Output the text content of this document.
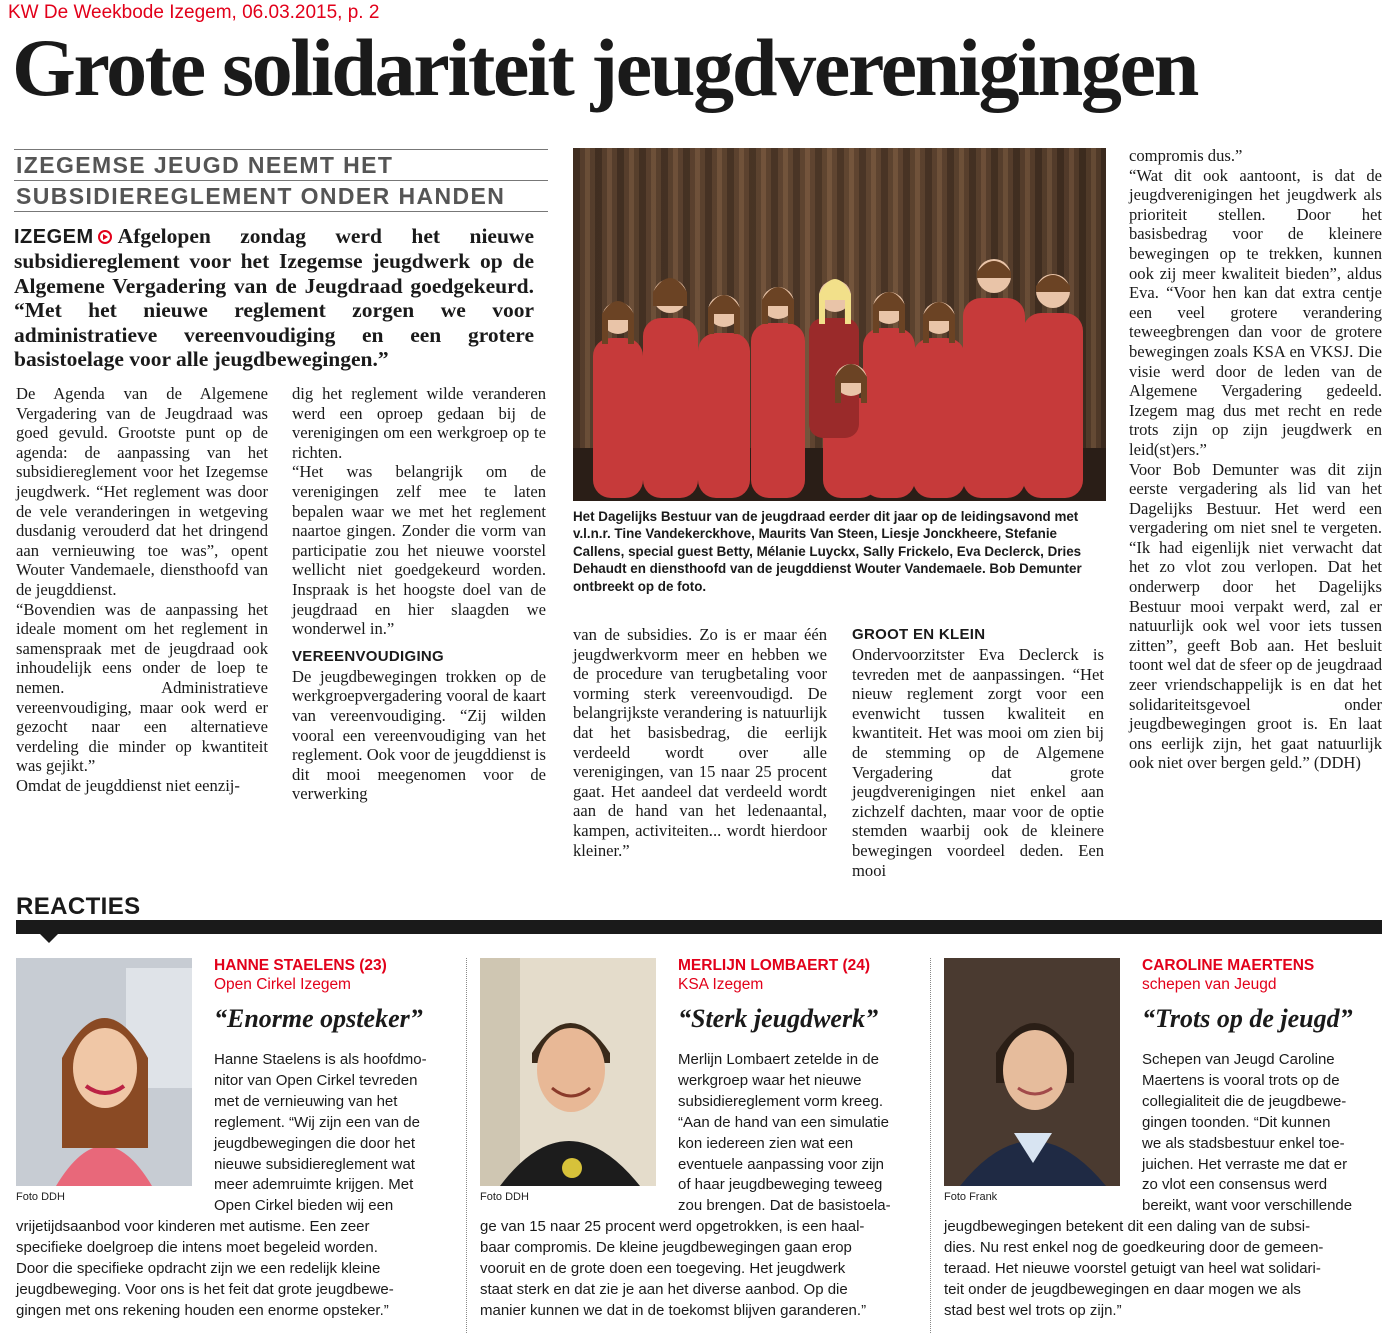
KW De Weekbode Izegem, 06.03.2015, p. 2
Grote solidariteit jeugdverenigingen
IZEGEMSE JEUGD NEEMT HET
SUBSIDIEREGLEMENT ONDER HANDEN
IZEGEM Afgelopen zondag werd het nieuwe subsidiereglement voor het Izegemse jeugdwerk op de Algemene Vergadering van de Jeugdraad goedgekeurd. “Met het nieuwe reglement zorgen we voor administratieve vereenvoudiging en een grotere basistoelage voor alle jeugdbewegingen.”

De Agenda van de Algemene Vergadering van de Jeugdraad was goed gevuld. Grootste punt op de agenda: de aanpassing van het subsidiereglement voor het Izegemse jeugdwerk. “Het reglement was door de vele veranderingen in wetgeving dusdanig verouderd dat het dringend aan vernieuwing toe was”, opent Wouter Vandemaele, diensthoofd van de jeugddienst.

“Bovendien was de aanpassing het ideale moment om het reglement in samenspraak met de jeugdraad ook inhoudelijk eens onder de loep te nemen. Administratieve vereenvoudiging, maar ook werd er gezocht naar een alternatieve verdeling die minder op kwantiteit was gejikt.”

Omdat de jeugddienst niet eenzij-

dig het reglement wilde veranderen werd een oproep gedaan bij de verenigingen om een werkgroep op te richten.

“Het was belangrijk om de verenigingen zelf mee te laten bepalen waar we met het reglement naartoe gingen. Zonder die vorm van participatie zou het nieuwe voorstel wellicht niet goedgekeurd worden. Inspraak is het hoogste doel van de jeugdraad en hier slaagden we wonderwel in.”

VEREENVOUDIGING

De jeugdbewegingen trokken op de werkgroepvergadering vooral de kaart van vereenvoudiging. “Zij wilden vooral een vereenvoudiging van het reglement. Ook voor de jeugddienst is dit mooi meegenomen voor de verwerking

Het Dagelijks Bestuur van de jeugdraad eerder dit jaar op de leidingsavond met v.l.n.r. Tine Vandekerckhove, Maurits Van Steen, Liesje Jonckheere, Stefanie Callens, special guest Betty, Mélanie Luyckx, Sally Frickelo, Eva Declerck, Dries Dehaudt en diensthoofd van de jeugddienst Wouter Vandemaele. Bob Demunter ontbreekt op de foto.

van de subsidies. Zo is er maar één jeugdwerkvorm meer en hebben we de procedure van terugbetaling voor vorming sterk vereenvoudigd. De belangrijkste verandering is natuurlijk dat het basisbedrag, die eerlijk verdeeld wordt over alle verenigingen, van 15 naar 25 procent gaat. Het aandeel dat verdeeld wordt aan de hand van het ledenaantal, kampen, activiteiten... wordt hierdoor kleiner.”

GROOT EN KLEIN

Ondervoorzitster Eva Declerck is tevreden met de aanpassingen. “Het nieuw reglement zorgt voor een evenwicht tussen kwaliteit en kwantiteit. Het was mooi om zien bij de stemming op de Algemene Vergadering dat grote jeugdverenigingen niet enkel aan zichzelf dachten, maar voor de optie stemden waarbij ook de kleinere bewegingen voordeel deden. Een mooi

compromis dus.”

“Wat dit ook aantoont, is dat de jeugdverenigingen het jeugdwerk als prioriteit stellen. Door het basisbedrag voor de kleinere bewegingen op te trekken, kunnen ook zij meer kwaliteit bieden”, aldus Eva. “Voor hen kan dat extra centje een veel grotere verandering teweegbrengen dan voor de grotere bewegingen zoals KSA en VKSJ. Die visie werd door de leden van de Algemene Vergadering gedeeld. Izegem mag dus met recht en rede trots zijn op zijn jeugdwerk en leid(st)ers.”

Voor Bob Demunter was dit zijn eerste vergadering als lid van het Dagelijks Bestuur. Het werd een vergadering om niet snel te vergeten. “Ik had eigenlijk niet verwacht dat het zo vlot zou verlopen. Dat het onderwerp door het Dagelijks Bestuur mooi verpakt werd, zal er natuurlijk ook wel voor iets tussen zitten”, geeft Bob aan. Het besluit toont wel dat de sfeer op de jeugdraad zeer vriendschappelijk is en dat het solidariteitsgevoel onder jeugdbewegingen groot is. En laat ons eerlijk zijn, het gaat natuurlijk ook niet over bergen geld.” (DDH)

REACTIES
Foto DDH
HANNE STAELENS (23)
Open Cirkel Izegem
“Enorme opsteker”
Hanne Staelens is als hoofdmo-
nitor van Open Cirkel tevreden
met de vernieuwing van het
reglement. “Wij zijn een van de
jeugdbewegingen die door het
nieuwe subsidiereglement wat
meer ademruimte krijgen. Met
Open Cirkel bieden wij een
vrijetijdsaanbod voor kinderen met autisme. Een zeer
specifieke doelgroep die intens moet begeleid worden.
Door die specifieke opdracht zijn we een redelijk kleine
jeugdbeweging. Voor ons is het feit dat grote jeugdbewe-
gingen met ons rekening houden een enorme opsteker.”
Foto DDH
MERLIJN LOMBAERT (24)
KSA Izegem
“Sterk jeugdwerk”
Merlijn Lombaert zetelde in de
werkgroep waar het nieuwe
subsidiereglement vorm kreeg.
“Aan de hand van een simulatie
kon iedereen zien wat een
eventuele aanpassing voor zijn
of haar jeugdbeweging teweeg
zou brengen. Dat de basistoela-
ge van 15 naar 25 procent werd opgetrokken, is een haal-
baar compromis. De kleine jeugdbewegingen gaan erop
vooruit en de grote doen een toegeving. Het jeugdwerk
staat sterk en dat zie je aan het diverse aanbod. Op die
manier kunnen we dat in de toekomst blijven garanderen.”
Foto Frank
CAROLINE MAERTENS
schepen van Jeugd
“Trots op de jeugd”
Schepen van Jeugd Caroline
Maertens is vooral trots op de
collegialiteit die de jeugdbewe-
gingen toonden. “Dit kunnen
we als stadsbestuur enkel toe-
juichen. Het verraste me dat er
zo vlot een consensus werd
bereikt, want voor verschillende
jeugdbewegingen betekent dit een daling van de subsi-
dies. Nu rest enkel nog de goedkeuring door de gemeen-
teraad. Het nieuwe voorstel getuigt van heel wat solidari-
teit onder de jeugdbewegingen en daar mogen we als
stad best wel trots op zijn.”
